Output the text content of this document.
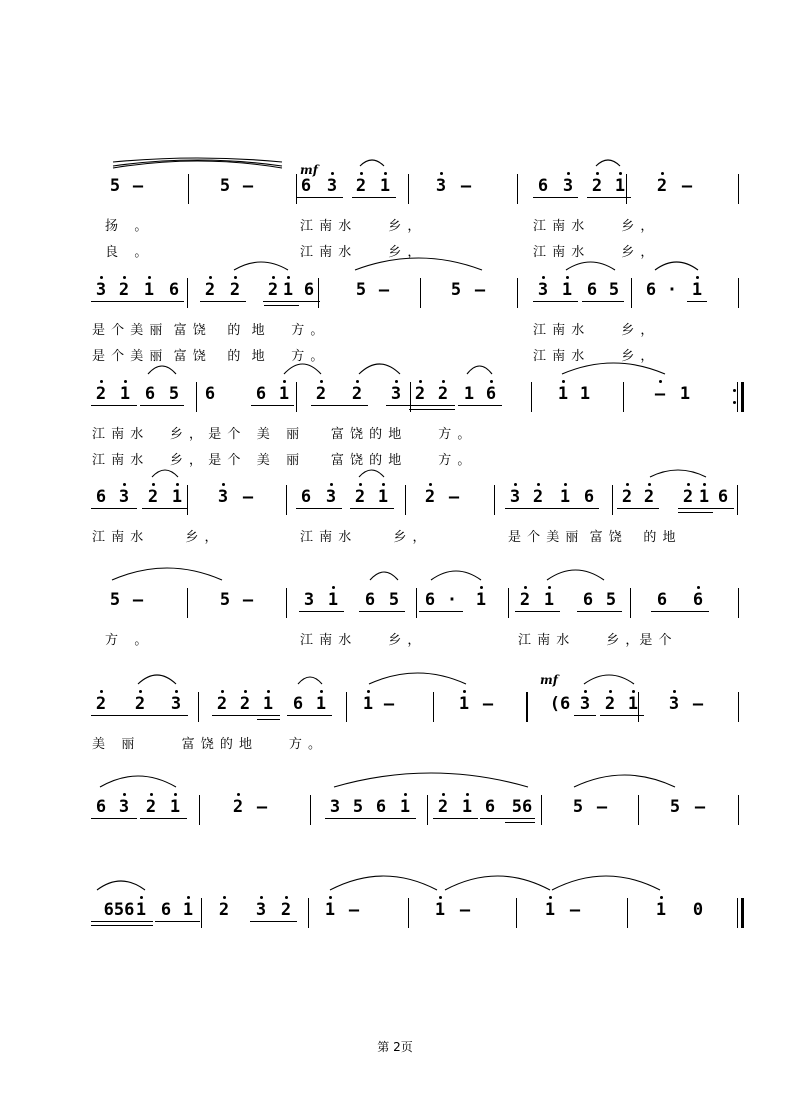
mf
mf
扬   。	江 南 水       乡 ，	江 南 水       乡 ，
良   。	江 南 水       乡 ，	江 南 水       乡 ，
是 个 美 丽  富 饶    的  地     方 。	江 南 水       乡 ，
是 个 美 丽  富 饶    的  地     方 。	江 南 水       乡 ，
江 南 水     乡 ， 是 个   美   丽      富 饶 的 地       方 。
江 南 水     乡 ， 是 个   美   丽      富 饶 的 地       方 。
江 南 水        乡 ，	江 南 水        乡 ，	是 个 美 丽  富 饶    的 地
方   。	江 南 水       乡 ，	江 南 水       乡 ，是 个
美   丽         富 饶 的 地       方 。
5 –	5 –	6 3 2 1	3 –	6 3 2 1 2 –
3 2 1 6 2 2 2 1 6 5 –	5 –	3 1 6 5 6 · 1
2 1 6 5 6 6 1 2 2 3 2 2 1 6	1 1	– 1
6 3 2 1 3 –	6 3 2 1 2 –	3 2 1 6 2 2 2 1 6
5 –	5 –	3 1 6 5 6 · 1 2 1 6 5 6 6
2 2 3 2 2 1 6 1 1 –	1 –	(6 3 2 1 3 –
6 3 2 1	2 –	3 5 6 1 2 1 6 56 5 –	5 –
656 1 6 1 2 3 2 1 –	1 –	1 –	1 0
第 2页
